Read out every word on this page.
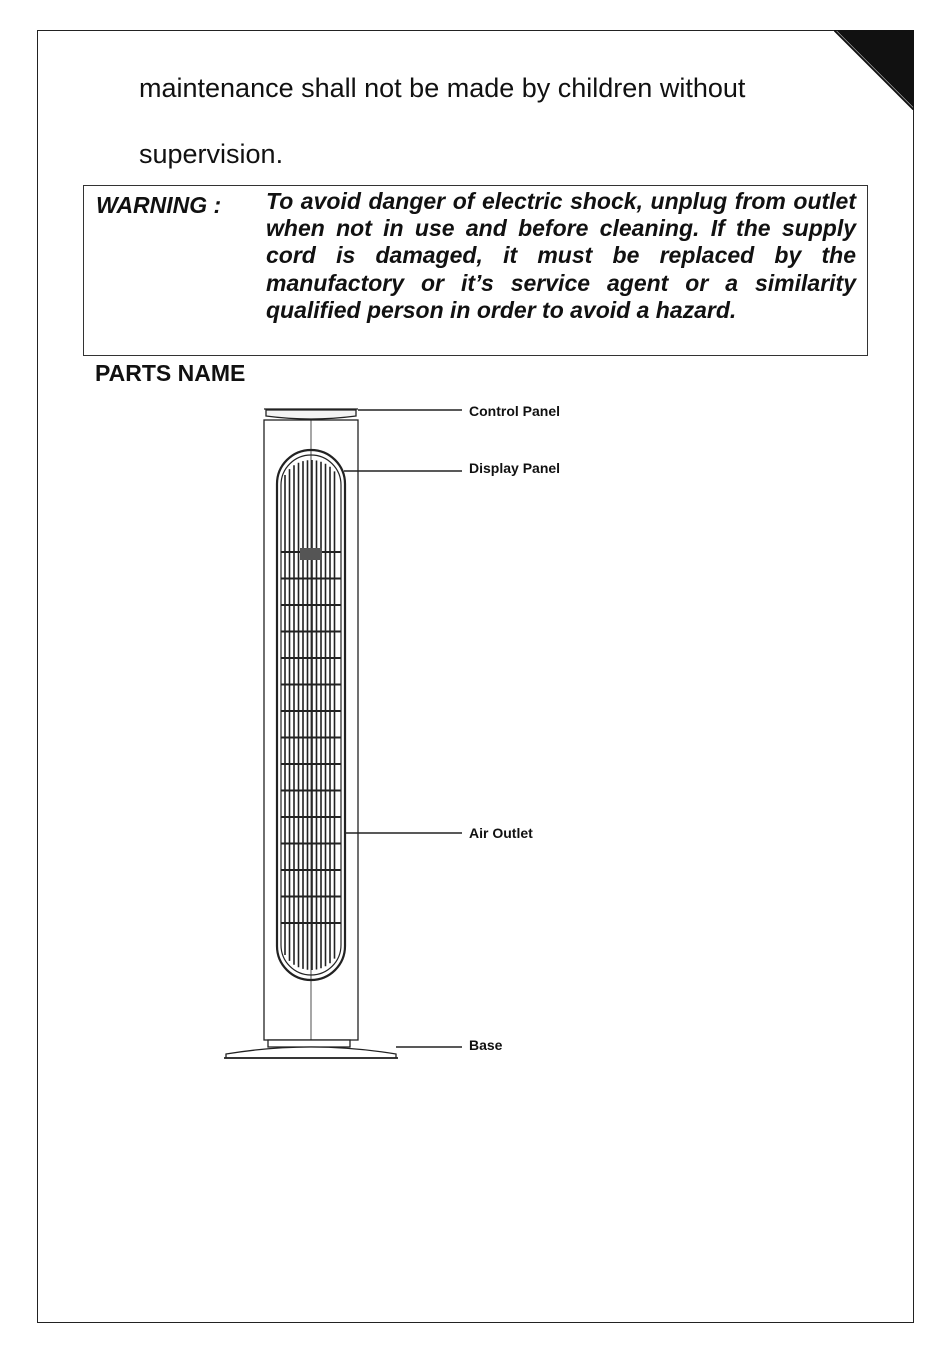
maintenance shall not be made by children without
supervision.
WARNING : To avoid danger of electric shock, unplug from outlet when not in use and before cleaning. If the supply cord is damaged, it must be replaced by the manufactory or it’s service agent or a similarity qualified person in order to avoid a hazard.

PARTS NAME
Control Panel
Display Panel
Air Outlet
Base
